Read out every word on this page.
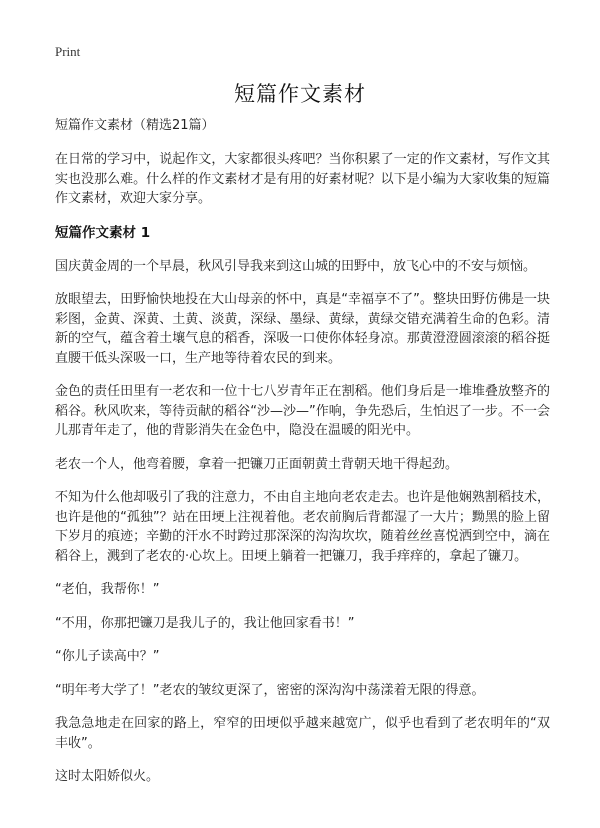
Print
短篇作文素材
短篇作文素材（精选21篇）

在日常的学习中，说起作文，大家都很头疼吧？当你积累了一定的作文素材，写作文其实也没那么难。什么样的作文素材才是有用的好素材呢？以下是小编为大家收集的短篇作文素材，欢迎大家分享。

短篇作文素材 1

国庆黄金周的一个早晨，秋风引导我来到这山城的田野中，放飞心中的不安与烦恼。

放眼望去，田野愉快地投在大山母亲的怀中，真是“幸福享不了”。整块田野仿佛是一块彩图，金黄、深黄、土黄、淡黄，深绿、墨绿、黄绿，黄绿交错充满着生命的色彩。清新的空气，蕴含着土壤气息的稻香，深吸一口使你体轻身凉。那黄澄澄圆滚滚的稻谷挺直腰干低头深吸一口，生产地等待着农民的到来。

金色的责任田里有一老农和一位十七八岁青年正在割稻。他们身后是一堆堆叠放整齐的稻谷。秋风吹来，等待贡献的稻谷“沙—沙—”作响，争先恐后，生怕迟了一步。不一会儿那青年走了，他的背影消失在金色中，隐没在温暖的阳光中。

老农一个人，他弯着腰，拿着一把镰刀正面朝黄土背朝天地干得起劲。

不知为什么他却吸引了我的注意力，不由自主地向老农走去。也许是他娴熟割稻技术，也许是他的“孤独”？站在田埂上注视着他。老农前胸后背都湿了一大片；黝黑的脸上留下岁月的痕迹；辛勤的汗水不时跨过那深深的沟沟坎坎，随着丝丝喜悦洒到空中，滴在稻谷上，溅到了老农的·心坎上。田埂上躺着一把镰刀，我手痒痒的，拿起了镰刀。

“老伯，我帮你！”

“不用，你那把镰刀是我儿子的，我让他回家看书！”

“你儿子读高中？”

“明年考大学了！”老农的皱纹更深了，密密的深沟沟中荡漾着无限的得意。

我急急地走在回家的路上，窄窄的田埂似乎越来越宽广，似乎也看到了老农明年的“双丰收”。

这时太阳娇似火。
